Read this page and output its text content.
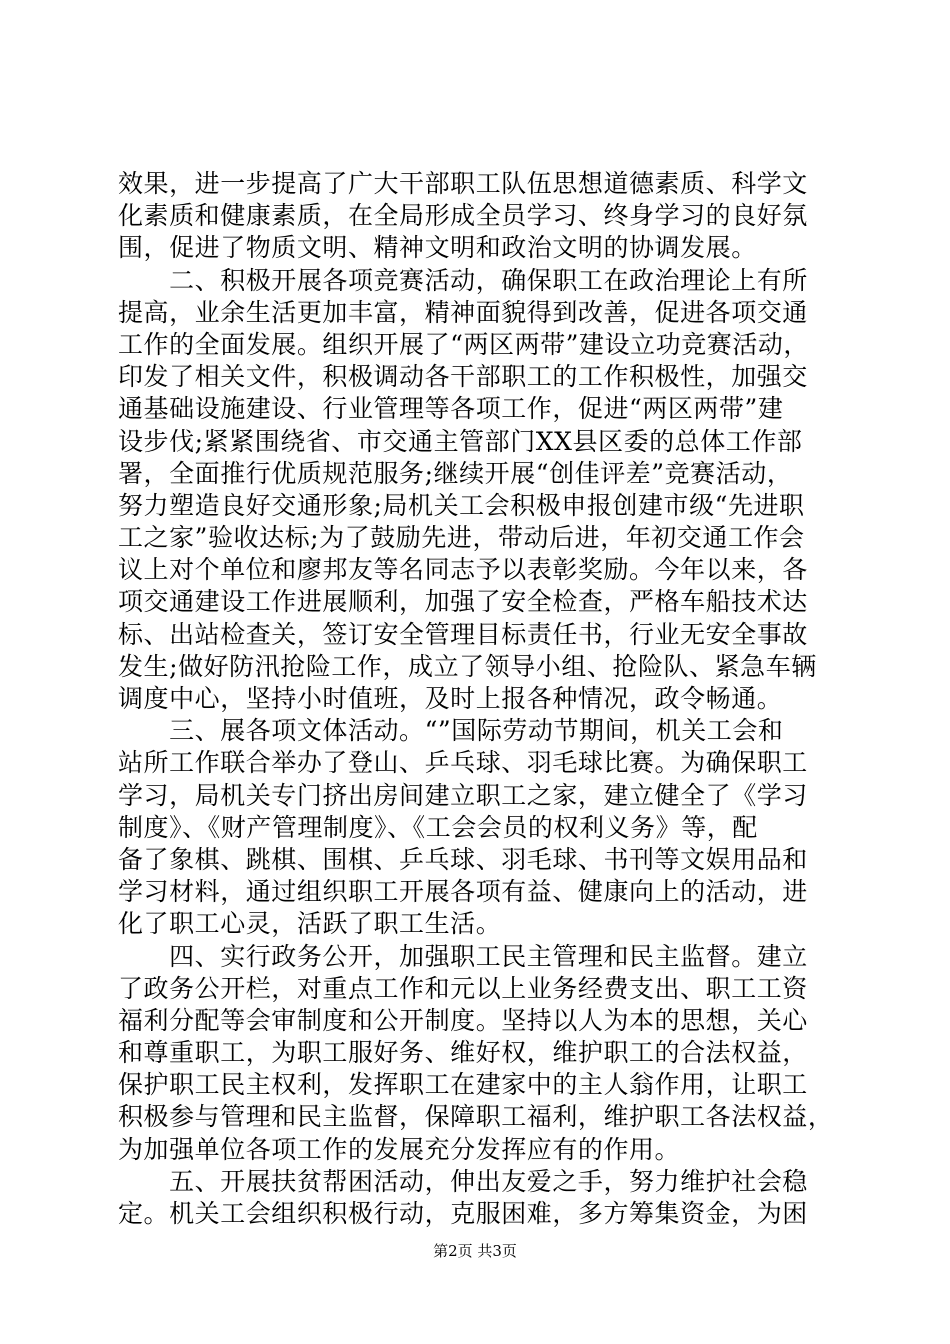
效果，进一步提高了广大干部职工队伍思想道德素质、科学文
化素质和健康素质，在全局形成全员学习、终身学习的良好氛
围，促进了物质文明、精神文明和政治文明的协调发展。
　　二、积极开展各项竞赛活动，确保职工在政治理论上有所
提高，业余生活更加丰富，精神面貌得到改善，促进各项交通
工作的全面发展。组织开展了“两区两带”建设立功竞赛活动，
印发了相关文件，积极调动各干部职工的工作积极性，加强交
通基础设施建设、行业管理等各项工作，促进“两区两带”建
设步伐;紧紧围绕省、市交通主管部门XX县区委的总体工作部
署，全面推行优质规范服务;继续开展“创佳评差”竞赛活动，
努力塑造良好交通形象;局机关工会积极申报创建市级“先进职
工之家”验收达标;为了鼓励先进，带动后进，年初交通工作会
议上对个单位和廖邦友等名同志予以表彰奖励。今年以来，各
项交通建设工作进展顺利，加强了安全检查，严格车船技术达
标、出站检查关，签订安全管理目标责任书，行业无安全事故
发生;做好防汛抢险工作，成立了领导小组、抢险队、紧急车辆
调度中心，坚持小时值班，及时上报各种情况，政令畅通。
　　三、展各项文体活动。“”国际劳动节期间，机关工会和
站所工作联合举办了登山、乒乓球、羽毛球比赛。为确保职工
学习，局机关专门挤出房间建立职工之家，建立健全了《学习
制度》、《财产管理制度》、《工会会员的权利义务》等，配
备了象棋、跳棋、围棋、乒乓球、羽毛球、书刊等文娱用品和
学习材料，通过组织职工开展各项有益、健康向上的活动，进
化了职工心灵，活跃了职工生活。
　　四、实行政务公开，加强职工民主管理和民主监督。建立
了政务公开栏，对重点工作和元以上业务经费支出、职工工资
福利分配等会审制度和公开制度。坚持以人为本的思想，关心
和尊重职工，为职工服好务、维好权，维护职工的合法权益，
保护职工民主权利，发挥职工在建家中的主人翁作用，让职工
积极参与管理和民主监督，保障职工福利，维护职工各法权益，
为加强单位各项工作的发展充分发挥应有的作用。
　　五、开展扶贫帮困活动，伸出友爱之手，努力维护社会稳
定。机关工会组织积极行动，克服困难，多方筹集资金，为困
第2页 共3页
